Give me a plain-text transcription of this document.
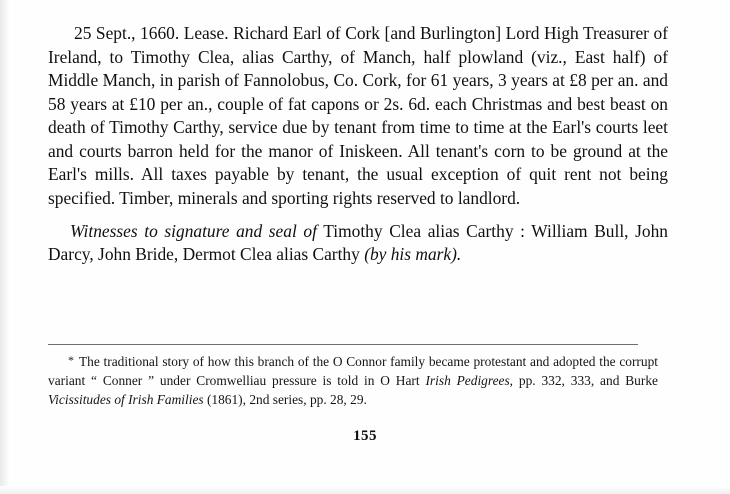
25 Sept., 1660. Lease. Richard Earl of Cork [and Burlington] Lord High Treasurer of Ireland, to Timothy Clea, alias Carthy, of Manch, half plowland (viz., East half) of Middle Manch, in parish of Fannolobus, Co. Cork, for 61 years, 3 years at £8 per an. and 58 years at £10 per an., couple of fat capons or 2s. 6d. each Christmas and best beast on death of Timothy Carthy, service due by tenant from time to time at the Earl's courts leet and courts barron held for the manor of Iniskeen. All tenant's corn to be ground at the Earl's mills. All taxes payable by tenant, the usual exception of quit rent not being specified. Timber, minerals and sporting rights reserved to landlord.

Witnesses to signature and seal of Timothy Clea alias Carthy : William Bull, John Darcy, John Bride, Dermot Clea alias Carthy (by his mark).

* The traditional story of how this branch of the O Connor family became protestant and adopted the corrupt variant “ Conner ” under Cromwelliau pressure is told in O Hart Irish Pedigrees, pp. 332, 333, and Burke Vicissitudes of Irish Families (1861), 2nd series, pp. 28, 29.
155
